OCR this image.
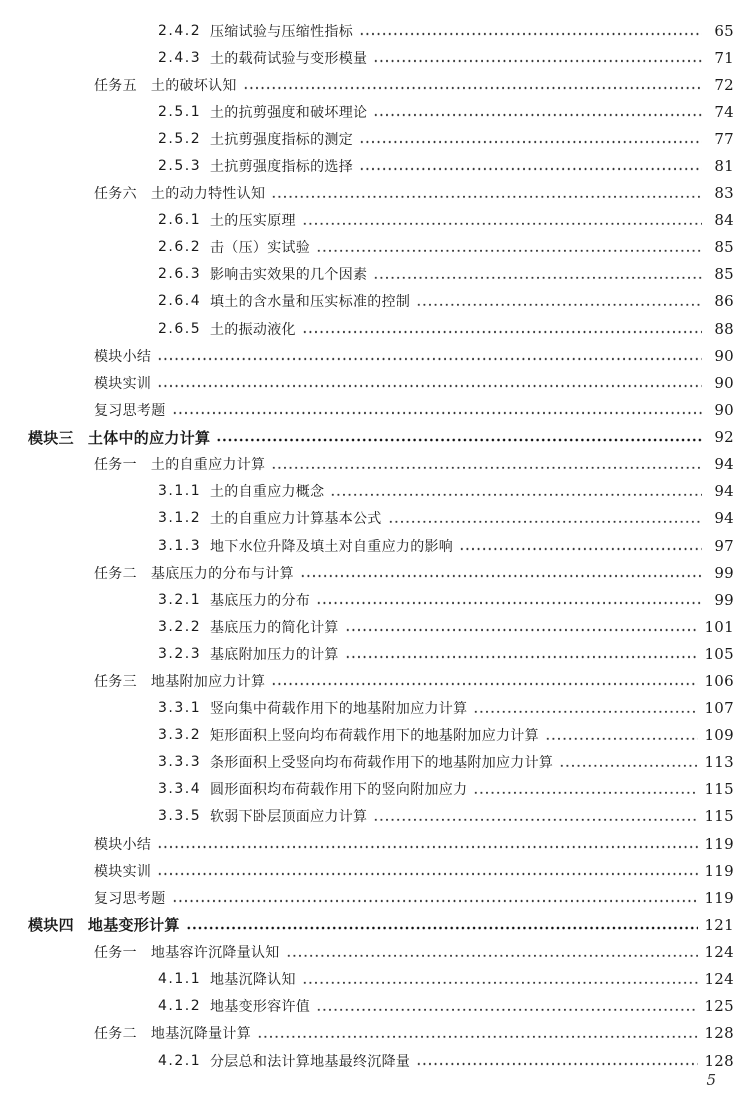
2.4.2 压缩试验与压缩性指标	65
2.4.3 土的载荷试验与变形模量	71
任务五 土的破坏认知	72
2.5.1 土的抗剪强度和破坏理论	74
2.5.2 土抗剪强度指标的测定	77
2.5.3 土抗剪强度指标的选择	81
任务六 土的动力特性认知	83
2.6.1 土的压实原理	84
2.6.2 击（压）实试验	85
2.6.3 影响击实效果的几个因素	85
2.6.4 填土的含水量和压实标准的控制	86
2.6.5 土的振动液化	88
模块小结	90
模块实训	90
复习思考题	90
模块三 土体中的应力计算	92
任务一 土的自重应力计算	94
3.1.1 土的自重应力概念	94
3.1.2 土的自重应力计算基本公式	94
3.1.3 地下水位升降及填土对自重应力的影响	97
任务二 基底压力的分布与计算	99
3.2.1 基底压力的分布	99
3.2.2 基底压力的简化计算	101
3.2.3 基底附加压力的计算	105
任务三 地基附加应力计算	106
3.3.1 竖向集中荷载作用下的地基附加应力计算	107
3.3.2 矩形面积上竖向均布荷载作用下的地基附加应力计算	109
3.3.3 条形面积上受竖向均布荷载作用下的地基附加应力计算	113
3.3.4 圆形面积均布荷载作用下的竖向附加应力	115
3.3.5 软弱下卧层顶面应力计算	115
模块小结	119
模块实训	119
复习思考题	119
模块四 地基变形计算	121
任务一 地基容许沉降量认知	124
4.1.1 地基沉降认知	124
4.1.2 地基变形容许值	125
任务二 地基沉降量计算	128
4.2.1 分层总和法计算地基最终沉降量	128
5
